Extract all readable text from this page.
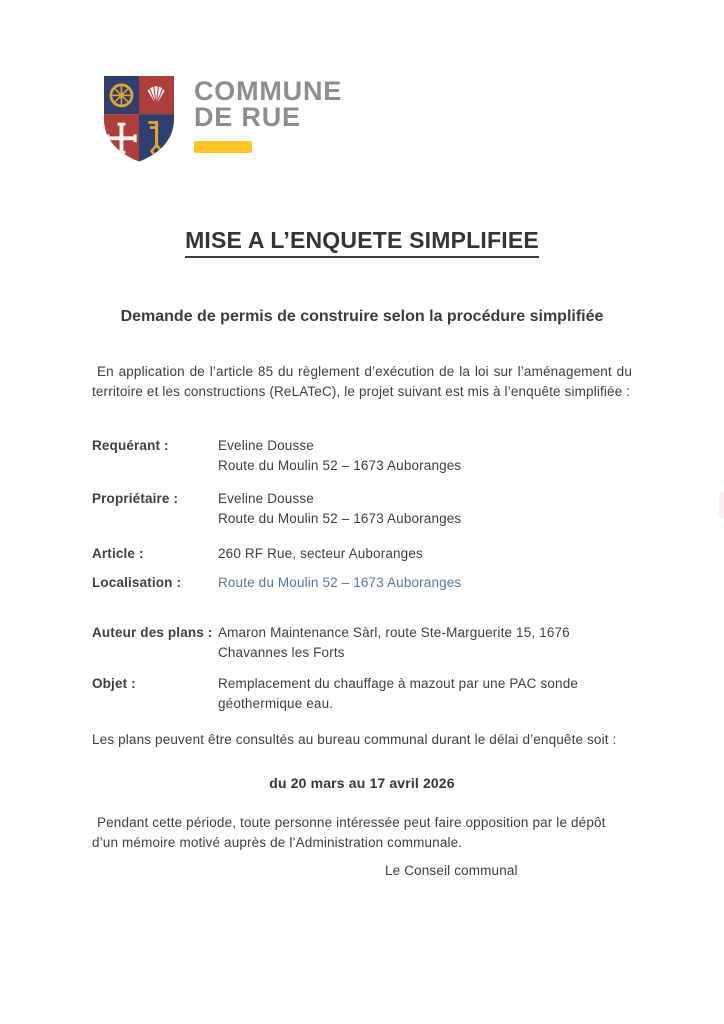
COMMUNE
DE RUE
MISE A L’ENQUETE SIMPLIFIEE
Demande de permis de construire selon la procédure simplifiée

En application de l’article 85 du règlement d’exécution de la loi sur l’aménagement du territoire et les constructions (ReLATeC), le projet suivant est mis à l’enquête simplifiée :

Requérant :	Eveline Dousse
Route du Moulin 52 – 1673 Auboranges
Propriétaire :	Eveline Dousse
Route du Moulin 52 – 1673 Auboranges
Article :	260 RF Rue, secteur Auboranges
Localisation :	Route du Moulin 52 – 1673 Auboranges
Auteur des plans : Amaron Maintenance Sàrl, route Ste-Marguerite 15, 1676
Chavannes les Forts
Objet :	Remplacement du chauffage à mazout par une PAC sonde
géothermique eau.

Les plans peuvent être consultés au bureau communal durant le délai d’enquête soit :

du 20 mars au 17 avril 2026

Pendant cette période, toute personne intéressée peut faire opposition par le dépôt d’un mémoire motivé auprès de l’Administration communale.

Le Conseil communal
